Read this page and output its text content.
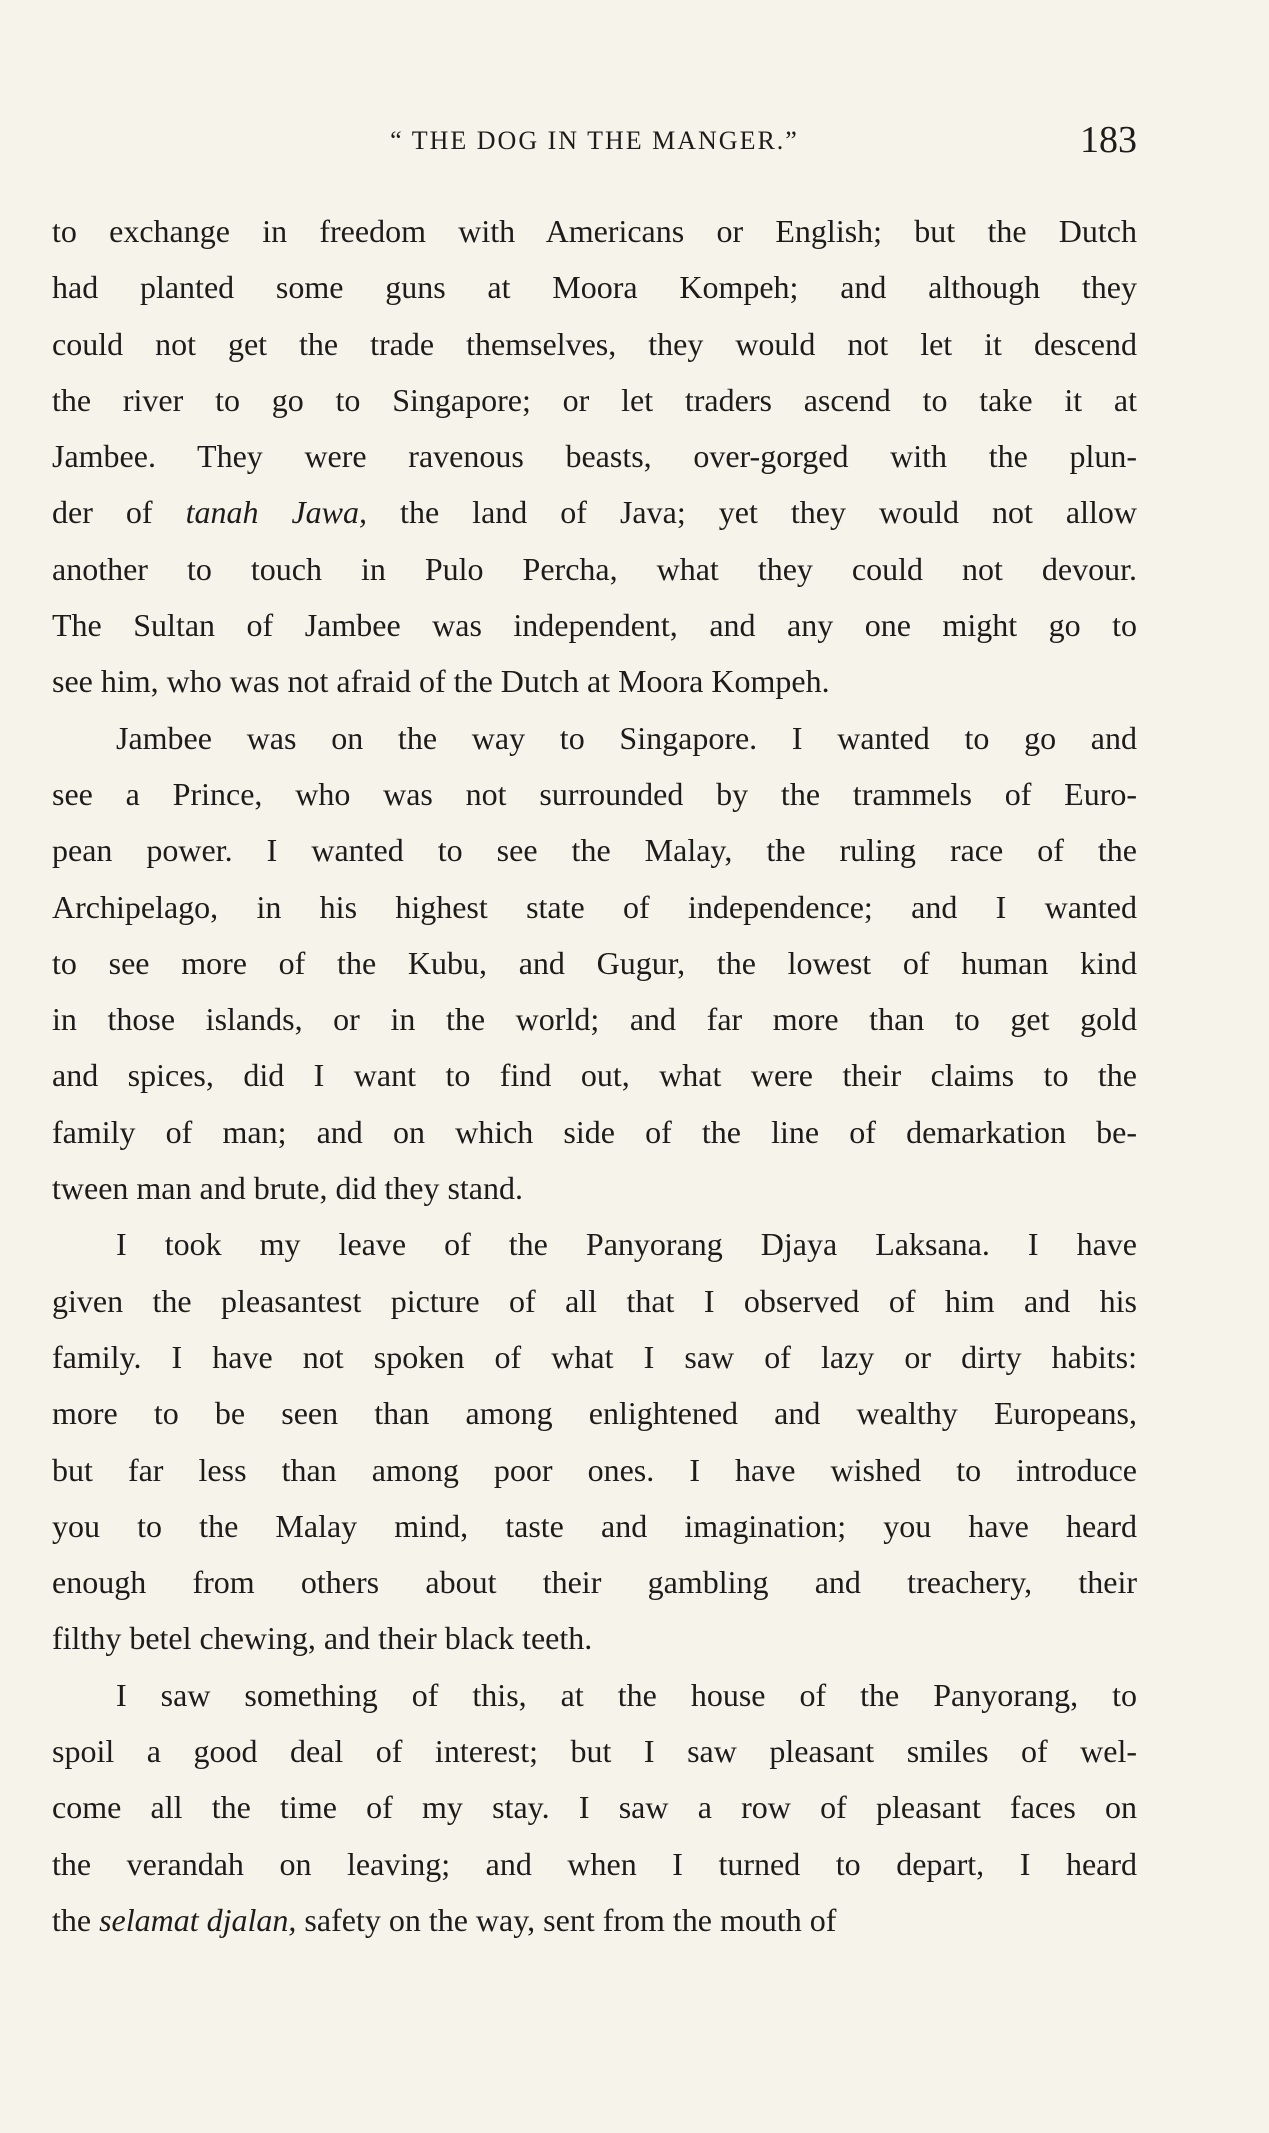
“ THE DOG IN THE MANGER.”	183
to exchange in freedom with Americans or English; but the Dutch
had planted some guns at Moora Kompeh; and although they
could not get the trade themselves, they would not let it descend
the river to go to Singapore; or let traders ascend to take it at
Jambee. They were ravenous beasts, over-gorged with the plun-
der of tanah Jawa, the land of Java; yet they would not allow
another to touch in Pulo Percha, what they could not devour.
The Sultan of Jambee was independent, and any one might go to
see him, who was not afraid of the Dutch at Moora Kompeh.
Jambee was on the way to Singapore. I wanted to go and
see a Prince, who was not surrounded by the trammels of Euro-
pean power. I wanted to see the Malay, the ruling race of the
Archipelago, in his highest state of independence; and I wanted
to see more of the Kubu, and Gugur, the lowest of human kind
in those islands, or in the world; and far more than to get gold
and spices, did I want to find out, what were their claims to the
family of man; and on which side of the line of demarkation be-
tween man and brute, did they stand.
I took my leave of the Panyorang Djaya Laksana. I have
given the pleasantest picture of all that I observed of him and his
family. I have not spoken of what I saw of lazy or dirty habits:
more to be seen than among enlightened and wealthy Europeans,
but far less than among poor ones. I have wished to introduce
you to the Malay mind, taste and imagination; you have heard
enough from others about their gambling and treachery, their
filthy betel chewing, and their black teeth.
I saw something of this, at the house of the Panyorang, to
spoil a good deal of interest; but I saw pleasant smiles of wel-
come all the time of my stay. I saw a row of pleasant faces on
the verandah on leaving; and when I turned to depart, I heard
the selamat djalan, safety on the way, sent from the mouth of
